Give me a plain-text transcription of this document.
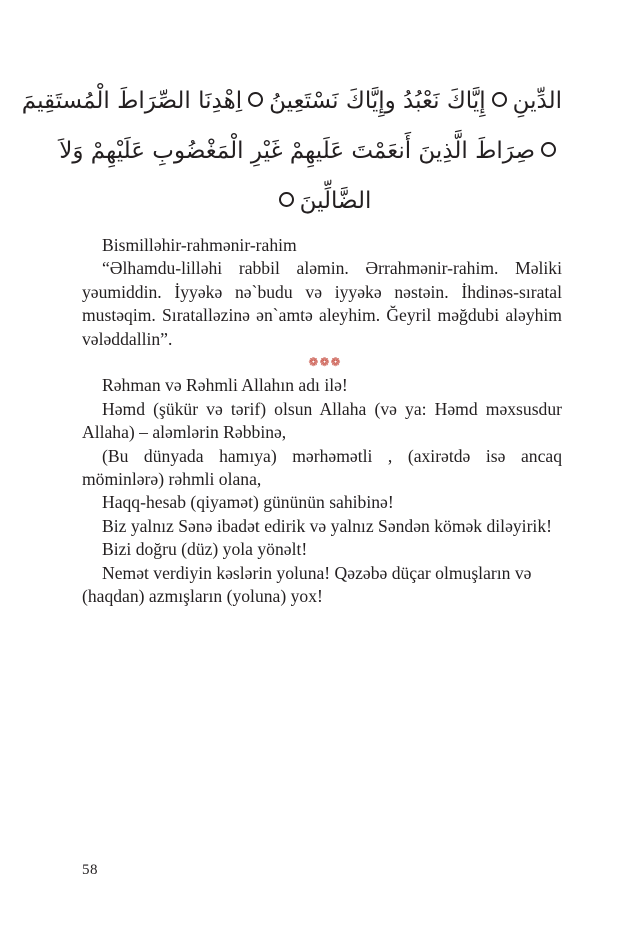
الدِّينِإِيَّاكَ نَعْبُدُ وإِيَّاكَ نَسْتَعِينُاِهْدِنَا الصِّرَاطَ الْمُستَقِيمَ
صِرَاطَ الَّذِينَ أَنعَمْتَ عَلَيهِمْ غَيْرِ الْمَغْضُوبِ عَلَيْهِمْ وَلاَ
الضَّالِّينَ

Bismilləhir-rahmənir-rahim

“Əlhamdu-lilləhi rabbil aləmin. Ərrahmənir-rahim. Məliki yəumiddin. İyyəkə nə`budu və iyyəkə nəstəin. İhdinəs-sıratal mustəqim. Sıratalləzinə ən`amtə aleyhim. Ğeyril məğdubi aləyhim vələddallin”.

❁❁❁

Rəhman və Rəhmli Allahın adı ilə!

Həmd (şükür və tərif) olsun Allaha (və ya: Həmd məxsusdur Allaha) – aləmlərin Rəbbinə,

(Bu dünyada hamıya) mərhəmətli , (axirətdə isə ancaq möminlərə) rəhmli olana,

Haqq-hesab (qiyamət) gününün sahibinə!

Biz yalnız Sənə ibadət edirik və yalnız Səndən kömək diləyirik!

Bizi doğru (düz) yola yönəlt!

Nemət verdiyin kəslərin yoluna! Qəzəbə düçar olmuşların və (haqdan) azmışların (yoluna) yox!

58
